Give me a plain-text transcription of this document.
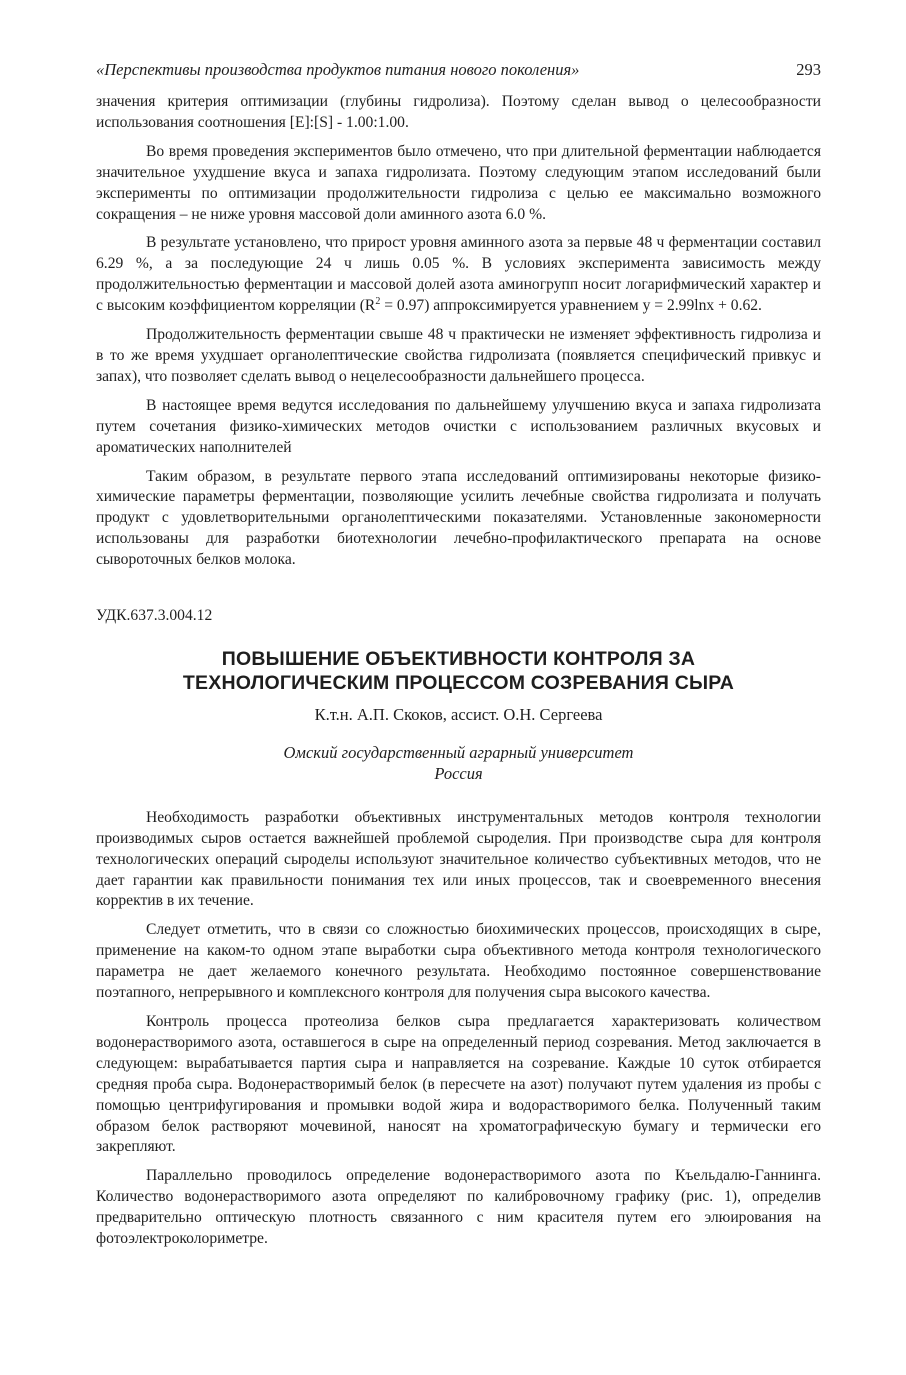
«Перспективы производства продуктов питания нового поколения»	293

значения критерия оптимизации (глубины гидролиза). Поэтому сделан вывод о целесообразности использования соотношения [E]:[S] - 1.00:1.00.

Во время проведения экспериментов было отмечено, что при длительной ферментации наблюдается значительное ухудшение вкуса и запаха гидролизата. Поэтому следующим этапом исследований были эксперименты по оптимизации продолжительности гидролиза с целью ее максимально возможного сокращения – не ниже уровня массовой доли аминного азота 6.0 %.

В результате установлено, что прирост уровня аминного азота за первые 48 ч ферментации составил 6.29 %, а за последующие 24 ч лишь 0.05 %. В условиях эксперимента зависимость между продолжительностью ферментации и массовой долей азота аминогрупп носит логарифмический характер и с высоким коэффициентом корреляции $(R^2 = 0.97)$ аппроксимируется уравнением y = 2.99lnx + 0.62.

Продолжительность ферментации свыше 48 ч практически не изменяет эффективность гидролиза и в то же время ухудшает органолептические свойства гидролизата (появляется специфический привкус и запах), что позволяет сделать вывод о нецелесообразности дальнейшего процесса.

В настоящее время ведутся исследования по дальнейшему улучшению вкуса и запаха гидролизата путем сочетания физико-химических методов очистки с использованием различных вкусовых и ароматических наполнителей

Таким образом, в результате первого этапа исследований оптимизированы некоторые физико-химические параметры ферментации, позволяющие усилить лечебные свойства гидролизата и получать продукт с удовлетворительными органолептическими показателями. Установленные закономерности использованы для разработки биотехнологии лечебно-профилактического препарата на основе сывороточных белков молока.

УДК.637.3.004.12
ПОВЫШЕНИЕ ОБЪЕКТИВНОСТИ КОНТРОЛЯ ЗА
ТЕХНОЛОГИЧЕСКИМ ПРОЦЕССОМ СОЗРЕВАНИЯ СЫРА
К.т.н. А.П. Скоков, ассист. О.Н. Сергеева
Омский государственный аграрный университет
Россия

Необходимость разработки объективных инструментальных методов контроля технологии производимых сыров остается важнейшей проблемой сыроделия. При производстве сыра для контроля технологических операций сыроделы используют значительное количество субъективных методов, что не дает гарантии как правильности понимания тех или иных процессов, так и своевременного внесения корректив в их течение.

Следует отметить, что в связи со сложностью биохимических процессов, происходящих в сыре, применение на каком-то одном этапе выработки сыра объективного метода контроля технологического параметра не дает желаемого конечного результата. Необходимо постоянное совершенствование поэтапного, непрерывного и комплексного контроля для получения сыра высокого качества.

Контроль процесса протеолиза белков сыра предлагается характеризовать количеством водонерастворимого азота, оставшегося в сыре на определенный период созревания. Метод заключается в следующем: вырабатывается партия сыра и направляется на созревание. Каждые 10 суток отбирается средняя проба сыра. Водонерастворимый белок (в пересчете на азот) получают путем удаления из пробы с помощью центрифугирования и промывки водой жира и водорастворимого белка. Полученный таким образом белок растворяют мочевиной, наносят на хроматографическую бумагу и термически его закрепляют.

Параллельно проводилось определение водонерастворимого азота по Къельдалю-Ганнинга. Количество водонерастворимого азота определяют по калибровочному графику (рис. 1), определив предварительно оптическую плотность связанного с ним красителя путем его элюирования на фотоэлектроколориметре.
